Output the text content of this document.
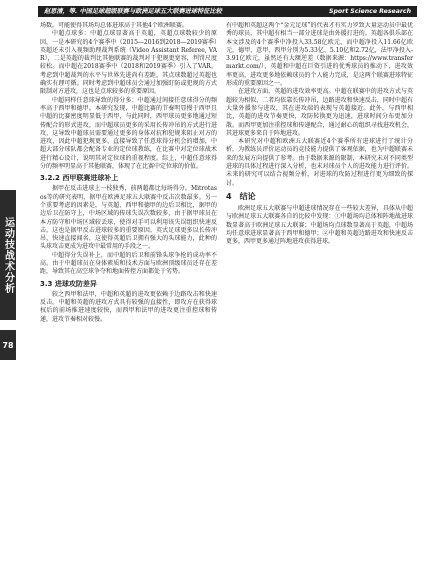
赵思清，等. 中国足球超级联赛与欧洲足球五大联赛进球特征比较	Sport Science Research
运动技战术分析
78

场数，可能使得其场均总体进球高于其他4个欧洲联赛。

中超点球多：中超点球显著高于英超，英超点球数较少的原因，一是本研究的4个赛季中（2015—2016到2018—2019赛季）英超还未引入视频助理裁判系统（Video Assistant Referee, VAR），二是英超的裁判比其他联赛的裁判对于犯规更宽容，判罚尺度较松。而中超在2018赛季中（2018和2019赛季）引入了VAR，考虑到中超裁判的水平与世界先进尚有差距，其点球数超过英超也确实有理可循。同时考虑到中超球员会通过加强盯防或犯规的方式限制对方进攻，这也是点球较多的重要原因。

中超同样任意球导致的得分多：中超通过间接任意球得分的频率高于西甲和德甲。本研究发现，中超比赛的节奏明显慢于西甲且中超的比赛密度明显低于西甲，与此同时，西甲球员更多地通过短传配合的形式进攻，而中超球员更多的采用长传冲吊的方式进行进攻，这导致中超球员需要通过更多的身体对抗和犯规来阻止对方的进攻，因此中超犯规更多，直接导致了任意球得分机会的增加，中超大部分球队都会配备专业的定位球教练，在比赛中对定位球战术进行精心设计，说明其对定位球的重视程度。综上，中超任意球得分的频率明显高于其他联赛，体现了在比赛中定位球的价值。

3.2.2 西甲联赛进球补上

据甲在反击进球上一枝独秀，前两超都比每场得分。Mitrotasos等的研究表明，据甲在欧洲足球五大联赛中反击次数最多。另一个重要考虑的因素是，与英超、西甲和德甲的边后卫相比，据甲的边后卫在防守上，中场区域的传球失误次数较多，由于据甲球员在本方防守和中场区域较丢球，使得对手可以利用该失误组织快速反击，这也是据甲反击进球较多的重要原因。英式足球更多以长传冲吊，快速直接闻名，这使得英超后卫拥有强大的头球能力，此种的头球攻击更成为进攻中最常用的手段之一。

中超得分失误补上，而中超的后卫和前锋头球争抢的成功率不高。由于中超球员在身体素质和技术方面与欧洲顶级球员还存在差距，导致其在高空球争夺和地面传控方面都处于劣势。

3.3 进球攻防差异

较之西甲和法甲，中超和英超的进攻更依赖于边路攻击和快速反击。中超和英超的进攻方式具有较强的直接性，即攻方在获得球权后的前场推进速度较快，而西甲和法甲的进攻更注重控球和传递，进攻节奏相对较慢。

有中超和英超这两个“金元足球”的代表才有实力罗致大量运动员中最优秀的球员，其中超有相当一部分进球是由外援打进的。英超各俱乐部在本文涉及的4个赛季中净投入33.58亿欧元，而中超净投入11.66亿欧元，德甲、意甲、西甲分别为5.33亿、5.10亿和2.72亿，法甲净投入-3.91亿欧元，虽然还有大额逆差（数据来源：https://www.transfermarkt.com/），英超和中超在巨资引进的优秀球员的推动下，进攻效率更高，进攻更多地依赖球员的个人能力完成，是这两个联赛进球特征形成的重要原因之一。

在进攻方面，英超的进攻效率更高。中超在联赛中的进攻方式与英超较为相似，二者均依靠长传冲吊，边路进攻和快速反击，同时中超有大量外援参与进攻，其在进攻端的表现与英超接近。此外，与西甲相比，英超的进攻节奏更快，攻防转换更为迅速，进球时间分布更加分散。而西甲更加注重控球和传递配合，通过耐心的组织寻找进攻机会，其进球更多来自于阵地进攻。

本研究对中超和欧洲五大联赛近4个赛季所有进球进行了统计分析，为教练员评价运动员的竞技能力提供了客观依据，也为中超联赛未来的发展方向提供了参考。由于数据来源的限制，本研究未对不同类型进球的具体过程进行深入分析，也未对球员个人的进攻能力进行评价。未来的研究可以结合视频分析，对进球的攻防过程进行更为细致的探讨。

4　结论

欧洲足球五大联赛与中超进球情况存在一些较大差异，具体从中超与欧洲足球五大联赛各自的比较中发现：①中超场均总体和阵地战进球数显著高于欧洲足球五大联赛；中超场均点球数显著高于英超，中超场均任意球进球显著高于西甲和德甲；②中超和英超边路进攻和快速反击更多，西甲更多通过阵地进攻获得进球。
